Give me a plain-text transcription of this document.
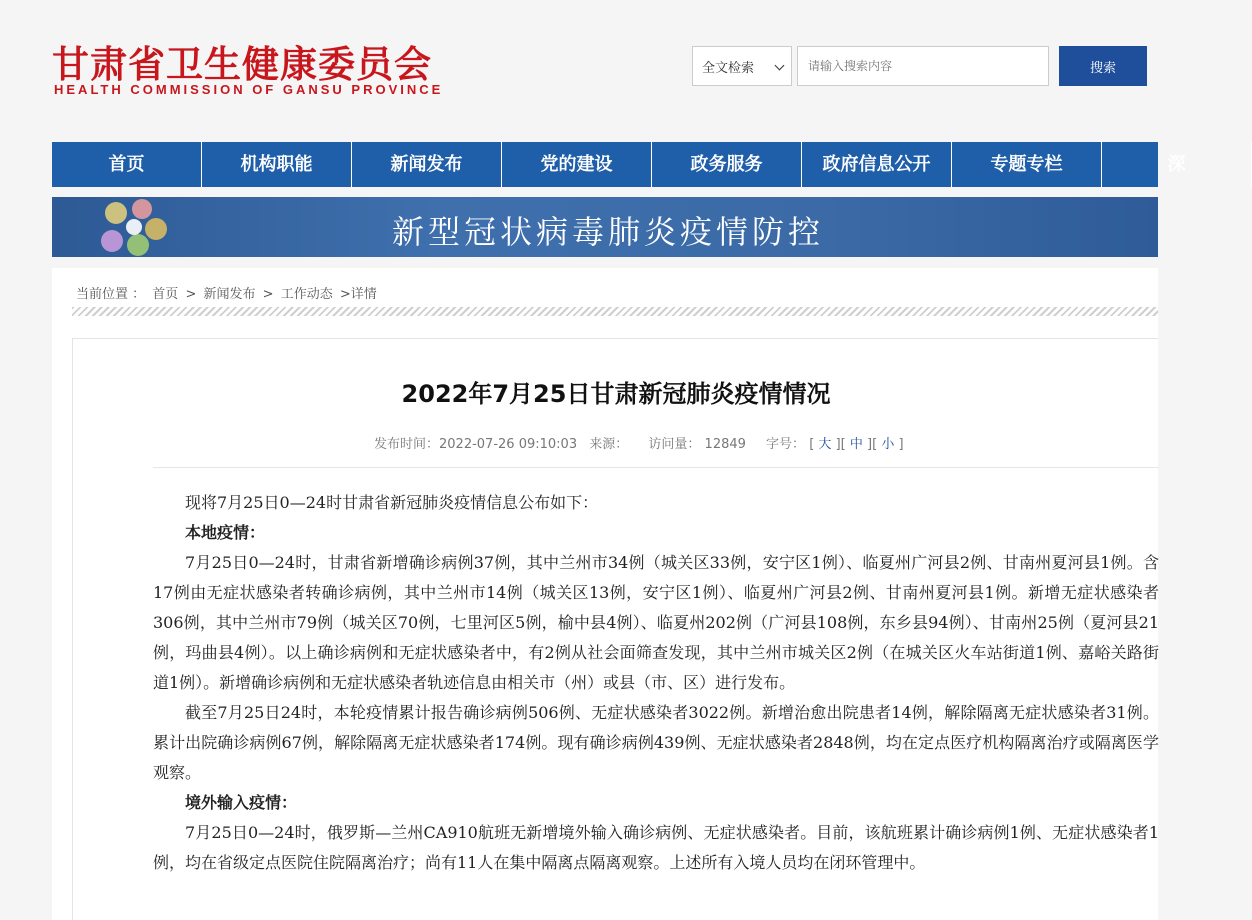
甘肃省卫生健康委员会
HEALTH COMMISSION OF GANSU PROVINCE
全文检索
请输入搜索内容	搜索
首页	机构职能	新闻发布	党的建设	政务服务	政府信息公开	专题专栏	深
新型冠状病毒肺炎疫情防控
当前位置 ： 首页 > 新闻发布 > 工作动态 >详情
2022年7月25日甘肃新冠肺炎疫情情况
发布时间：2022-07-26 09:10:03 来源： 访问量： 12849 字号： [ 大 ][ 中 ][ 小 ]

现将7月25日0—24时甘肃省新冠肺炎疫情信息公布如下：

本地疫情：

7月25日0—24时，甘肃省新增确诊病例37例，其中兰州市34例（城关区33例，安宁区1例）、临夏州广河县2例、甘南州夏河县1例。含17例由无症状感染者转确诊病例，其中兰州市14例（城关区13例，安宁区1例）、临夏州广河县2例、甘南州夏河县1例。新增无症状感染者306例，其中兰州市79例（城关区70例，七里河区5例，榆中县4例）、临夏州202例（广河县108例，东乡县94例）、甘南州25例（夏河县21例，玛曲县4例）。以上确诊病例和无症状感染者中，有2例从社会面筛查发现，其中兰州市城关区2例（在城关区火车站街道1例、嘉峪关路街道1例）。新增确诊病例和无症状感染者轨迹信息由相关市（州）或县（市、区）进行发布。

截至7月25日24时，本轮疫情累计报告确诊病例506例、无症状感染者3022例。新增治愈出院患者14例，解除隔离无症状感染者31例。累计出院确诊病例67例，解除隔离无症状感染者174例。现有确诊病例439例、无症状感染者2848例，均在定点医疗机构隔离治疗或隔离医学观察。

境外输入疫情：

7月25日0—24时，俄罗斯—兰州CA910航班无新增境外输入确诊病例、无症状感染者。目前，该航班累计确诊病例1例、无症状感染者1例，均在省级定点医院住院隔离治疗；尚有11人在集中隔离点隔离观察。上述所有入境人员均在闭环管理中。
